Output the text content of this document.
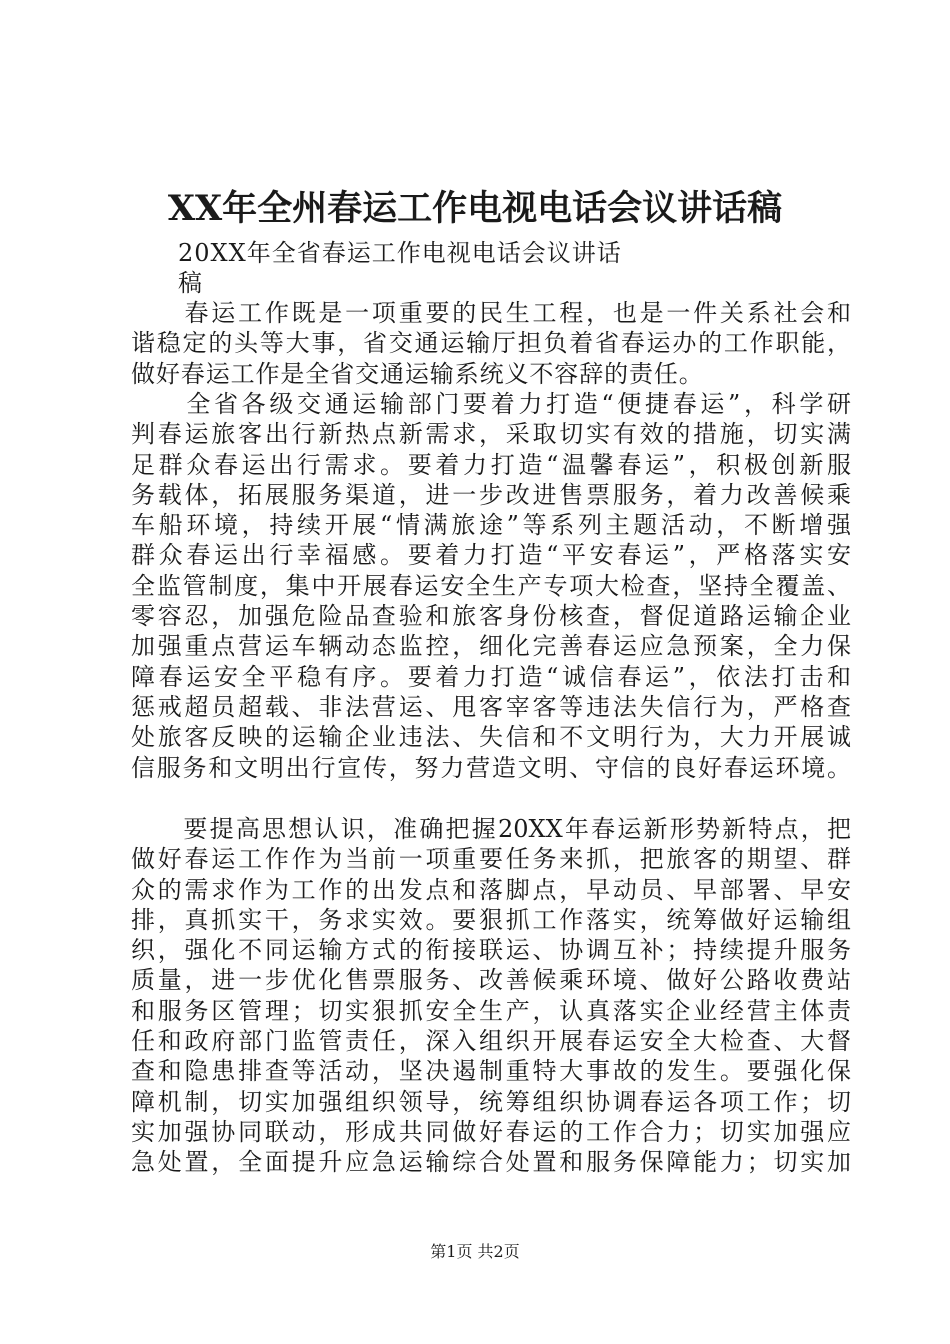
XX年全州春运工作电视电话会议讲话稿
20XX年全省春运工作电视电话会议讲话
稿
　　春运工作既是一项重要的民生工程，也是一件关系社会和
谐稳定的头等大事，省交通运输厅担负着省春运办的工作职能，
做好春运工作是全省交通运输系统义不容辞的责任。
　　全省各级交通运输部门要着力打造“便捷春运”，科学研
判春运旅客出行新热点新需求，采取切实有效的措施，切实满
足群众春运出行需求。要着力打造“温馨春运”，积极创新服
务载体，拓展服务渠道，进一步改进售票服务，着力改善候乘
车船环境，持续开展“情满旅途”等系列主题活动，不断增强
群众春运出行幸福感。要着力打造“平安春运”，严格落实安
全监管制度，集中开展春运安全生产专项大检查，坚持全覆盖、
零容忍，加强危险品查验和旅客身份核查，督促道路运输企业
加强重点营运车辆动态监控，细化完善春运应急预案，全力保
障春运安全平稳有序。要着力打造“诚信春运”，依法打击和
惩戒超员超载、非法营运、甩客宰客等违法失信行为，严格查
处旅客反映的运输企业违法、失信和不文明行为，大力开展诚
信服务和文明出行宣传，努力营造文明、守信的良好春运环境。
　　要提高思想认识，准确把握20XX年春运新形势新特点，把
做好春运工作作为当前一项重要任务来抓，把旅客的期望、群
众的需求作为工作的出发点和落脚点，早动员、早部署、早安
排，真抓实干，务求实效。要狠抓工作落实，统筹做好运输组
织，强化不同运输方式的衔接联运、协调互补；持续提升服务
质量，进一步优化售票服务、改善候乘环境、做好公路收费站
和服务区管理；切实狠抓安全生产，认真落实企业经营主体责
任和政府部门监管责任，深入组织开展春运安全大检查、大督
查和隐患排查等活动，坚决遏制重特大事故的发生。要强化保
障机制，切实加强组织领导，统筹组织协调春运各项工作；切
实加强协同联动，形成共同做好春运的工作合力；切实加强应
急处置，全面提升应急运输综合处置和服务保障能力；切实加
第1页 共2页
